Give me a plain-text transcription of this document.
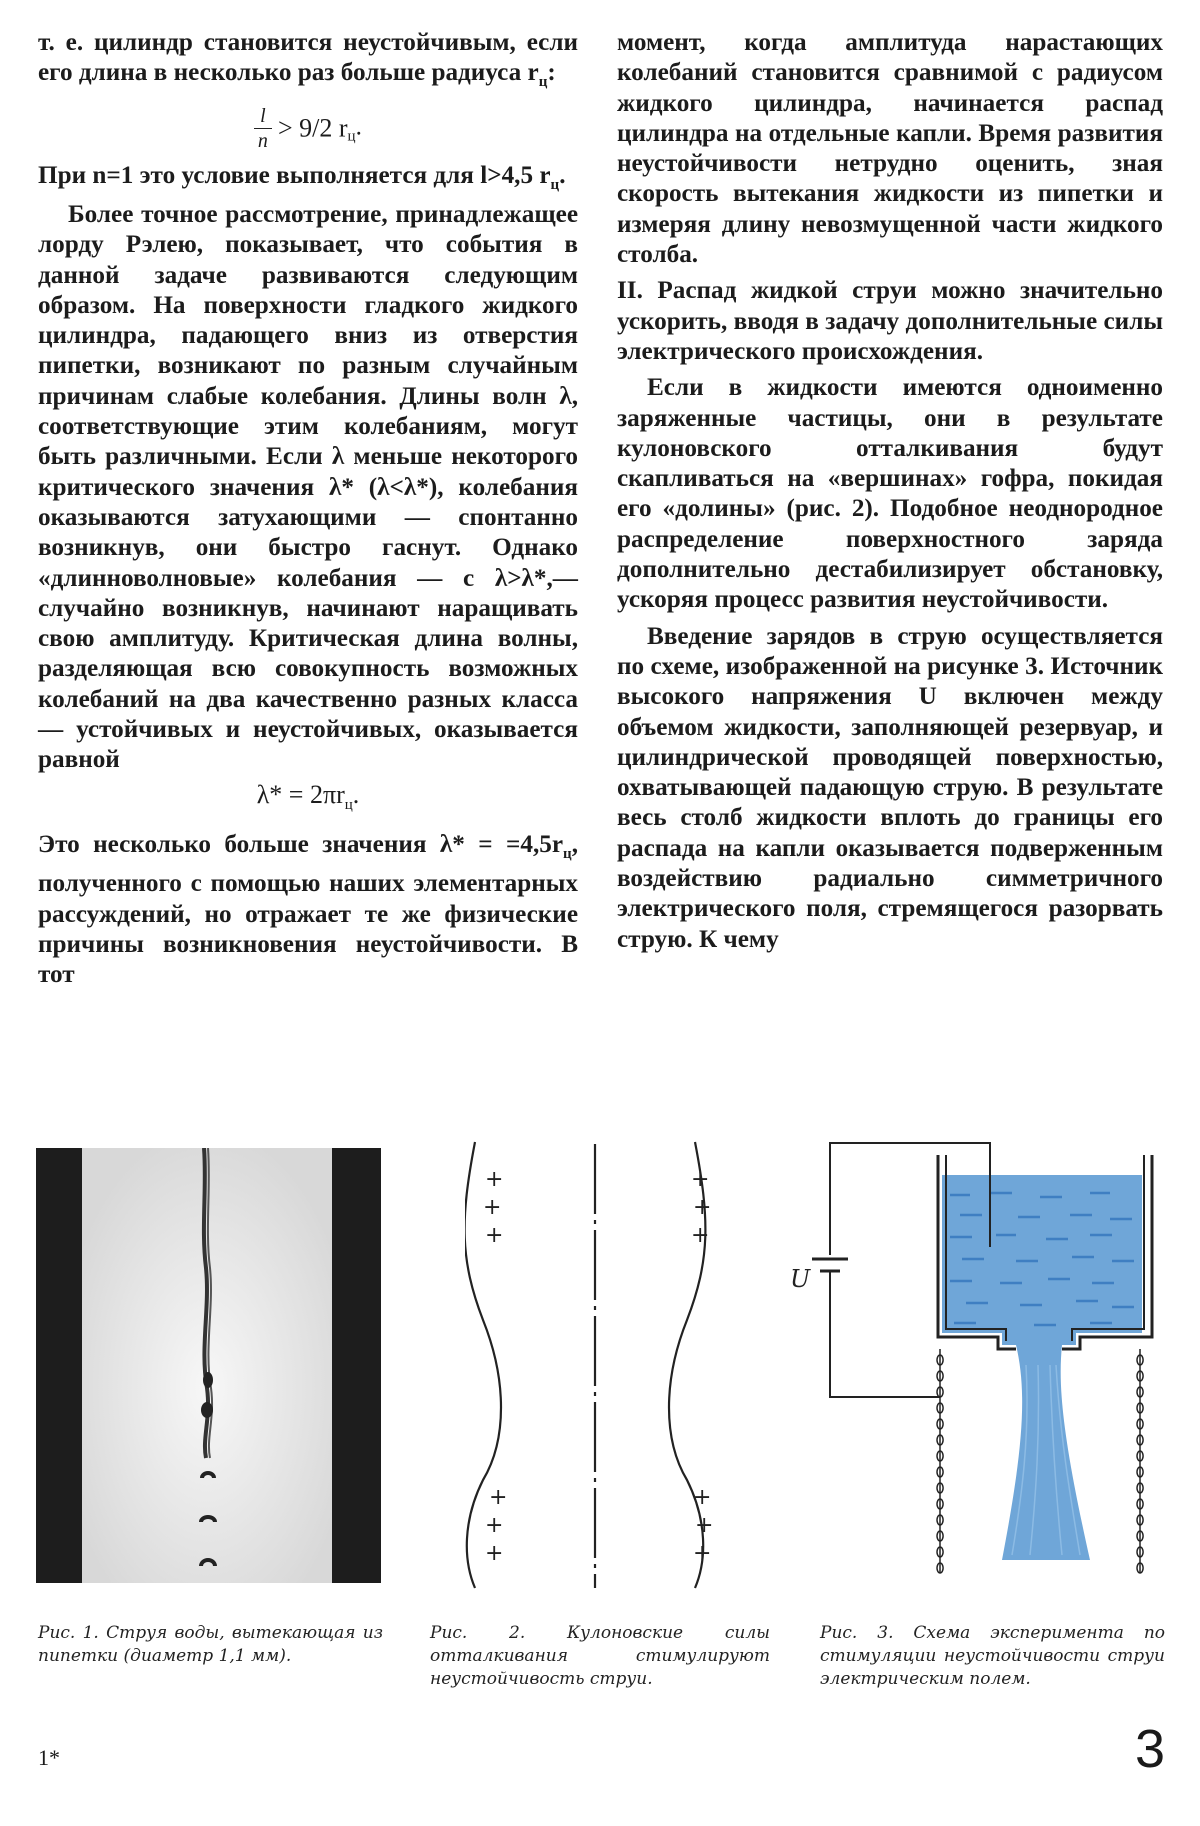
т. е. цилиндр становится неустойчивым, если его длина в несколько раз больше радиуса $r_ц$:

$\frac{l}{n} > 9/2$ $r_ц$.

При n=1 это условие выполняется для l>4,5 $r_ц$.

Более точное рассмотрение, принадлежащее лорду Рэлею, показывает, что события в данной задаче развиваются следующим образом. На поверхности гладкого жидкого цилиндра, падающего вниз из отверстия пипетки, возникают по разным случайным причинам слабые колебания. Длины волн λ, соответствующие этим колебаниям, могут быть различными. Если λ меньше некоторого критического значения λ* (λ<λ*), колебания оказываются затухающими — спонтанно возникнув, они быстро гаснут. Однако «длинноволновые» колебания — с λ>λ*,— случайно возникнув, начинают наращивать свою амплитуду. Критическая длина волны, разделяющая всю совокупность возможных колебаний на два качественно разных класса — устойчивых и неустойчивых, оказывается равной

$\lambda* = 2\pi r_ц$.

Это несколько больше значения $\lambda* = =4,5r_ц$, полученного с помощью наших элементарных рассуждений, но отражает те же физические причины возникновения неустойчивости. В тот

момент, когда амплитуда нарастающих колебаний становится сравнимой с радиусом жидкого цилиндра, начинается распад цилиндра на отдельные капли. Время развития неустойчивости нетрудно оценить, зная скорость вытекания жидкости из пипетки и измеряя длину невозмущенной части жидкого столба.

II. Распад жидкой струи можно значительно ускорить, вводя в задачу дополнительные силы электрического происхождения.

Если в жидкости имеются одноименно заряженные частицы, они в результате кулоновского отталкивания будут скапливаться на «вершинах» гофра, покидая его «долины» (рис. 2). Подобное неоднородное распределение поверхностного заряда дополнительно дестабилизирует обстановку, ускоряя процесс развития неустойчивости.

Введение зарядов в струю осуществляется по схеме, изображенной на рисунке 3. Источник высокого напряжения U включен между объемом жидкости, заполняющей резервуар, и цилиндрической проводящей поверхностью, охватывающей падающую струю. В результате весь столб жидкости вплоть до границы его распада на капли оказывается подверженным воздействию радиально симметричного электрического поля, стремящегося разорвать струю. К чему

+
+
+
+
+
+
+
+
+
+
+
+
U
Рис. 1. Струя воды, вытекающая из пипетки (диаметр 1,1 мм).
Рис. 2. Кулоновские силы отталкивания стимулируют неустойчивость струи.
Рис. 3. Схема эксперимента по стимуляции неустойчивости струи электрическим полем.
1*	3
